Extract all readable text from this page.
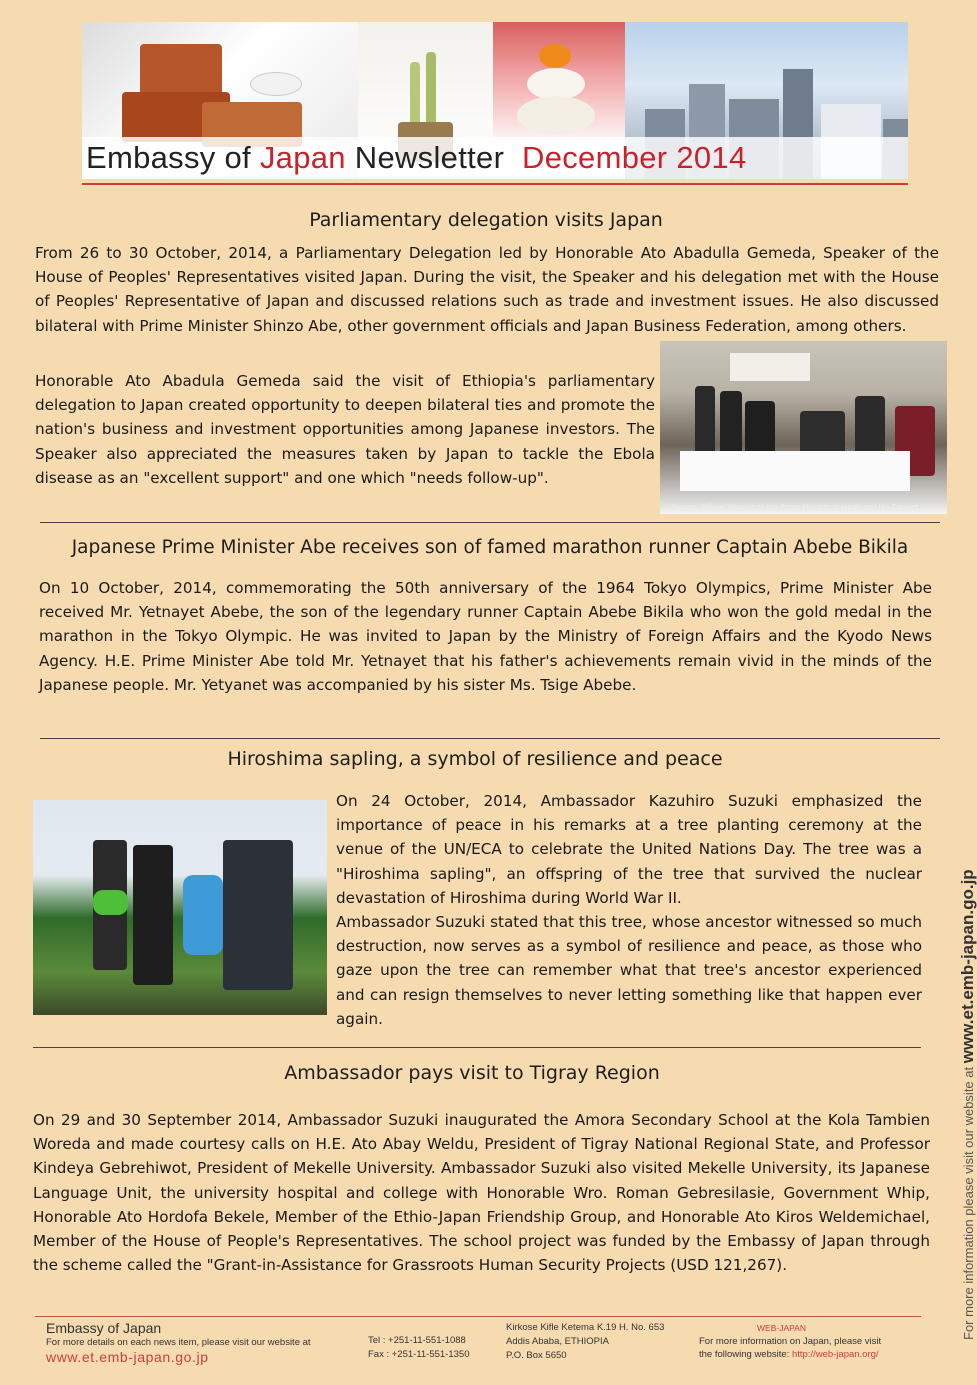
Embassy of Japan Newsletter December 2014
Parliamentary delegation visits Japan

From 26 to 30 October, 2014, a Parliamentary Delegation led by Honorable Ato Abadulla Gemeda, Speaker of the House of Peoples' Representatives visited Japan. During the visit, the Speaker and his delegation met with the House of Peoples' Representative of Japan and discussed relations such as trade and investment issues. He also discussed bilateral with Prime Minister Shinzo Abe, other government officials and Japan Business Federation, among others.

Honorable Ato Abadula Gemeda said the visit of Ethiopia's parliamentary delegation to Japan created opportunity to deepen bilateral ties and promote the nation's business and investment opportunities among Japanese investors. The Speaker also appreciated the measures taken by Japan to tackle the Ebola disease as an "excellent support" and one which "needs follow-up".

Source: Official Website of the Prime Minister of Japan and His Cabinet
Japanese Prime Minister Abe receives son of famed marathon runner Captain Abebe Bikila

On 10 October, 2014, commemorating the 50th anniversary of the 1964 Tokyo Olympics, Prime Minister Abe received Mr. Yetnayet Abebe, the son of the legendary runner Captain Abebe Bikila who won the gold medal in the marathon in the Tokyo Olympic. He was invited to Japan by the Ministry of Foreign Affairs and the Kyodo News Agency. H.E. Prime Minister Abe told Mr. Yetnayet that his father's achievements remain vivid in the minds of the Japanese people. Mr. Yetyanet was accompanied by his sister Ms. Tsige Abebe.

Hiroshima sapling, a symbol of resilience and peace

On 24 October, 2014, Ambassador Kazuhiro Suzuki emphasized the importance of peace in his remarks at a tree planting ceremony at the venue of the UN/ECA to celebrate the United Nations Day. The tree was a "Hiroshima sapling", an offspring of the tree that survived the nuclear devastation of Hiroshima during World War II.

Ambassador Suzuki stated that this tree, whose ancestor witnessed so much destruction, now serves as a symbol of resilience and peace, as those who gaze upon the tree can remember what that tree's ancestor experienced and can resign themselves to never letting something like that happen ever again.

Ambassador pays visit to Tigray Region

On 29 and 30 September 2014, Ambassador Suzuki inaugurated the Amora Secondary School at the Kola Tambien Woreda and made courtesy calls on H.E. Ato Abay Weldu, President of Tigray National Regional State, and Professor Kindeya Gebrehiwot, President of Mekelle University. Ambassador Suzuki also visited Mekelle University, its Japanese Language Unit, the university hospital and college with Honorable Wro. Roman Gebresilasie, Government Whip, Honorable Ato Hordofa Bekele, Member of the Ethio-Japan Friendship Group, and Honorable Ato Kiros Weldemichael, Member of the House of People's Representatives. The school project was funded by the Embassy of Japan through the scheme called the "Grant-in-Assistance for Grassroots Human Security Projects (USD 121,267).	For more information please visit our website at www.et.emb-japan.go.jp
Embassy of Japan
For more details on each news item, please visit our website at
www.et.emb-japan.go.jp
Tel : +251-11-551-1088
Fax : +251-11-551-1350
Kirkose Kifle Ketema K.19 H. No. 653
Addis Ababa, ETHIOPIA
P.O. Box 5650
WEB-JAPAN
For more information on Japan, please visit
the following website: http://web-japan.org/
